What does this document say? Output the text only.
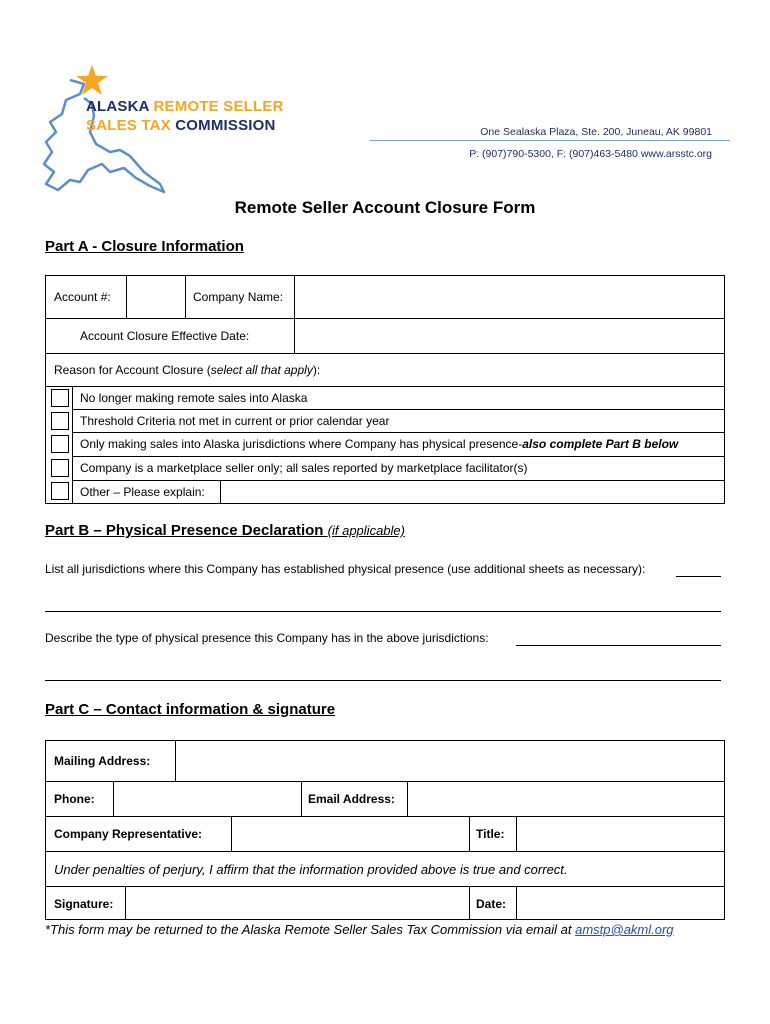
ALASKA REMOTE SELLER
SALES TAX COMMISSION	One Sealaska Plaza, Ste. 200, Juneau, AK 99801
P: (907)790-5300, F: (907)463-5480 www.arsstc.org
Remote Seller Account Closure Form
Part A - Closure Information
Account #:	Company Name:
Account Closure Effective Date:
Reason for Account Closure ( select all that apply ):
No longer making remote sales into Alaska
Threshold Criteria not met in current or prior calendar year
Only making sales into Alaska jurisdictions where Company has physical presence- also complete Part B below
Company is a marketplace seller only; all sales reported by marketplace facilitator(s)
Other – Please explain:
Part B – Physical Presence Declaration (if applicable)
List all jurisdictions where this Company has established physical presence (use additional sheets as necessary):
Describe the type of physical presence this Company has in the above jurisdictions:
Part C – Contact information & signature
Mailing Address:
Phone:	Email Address:
Company Representative:	Title:
Under penalties of perjury, I affirm that the information provided above is true and correct.
Signature:	Date:
*This form may be returned to the Alaska Remote Seller Sales Tax Commission via email at amstp@akml.org
